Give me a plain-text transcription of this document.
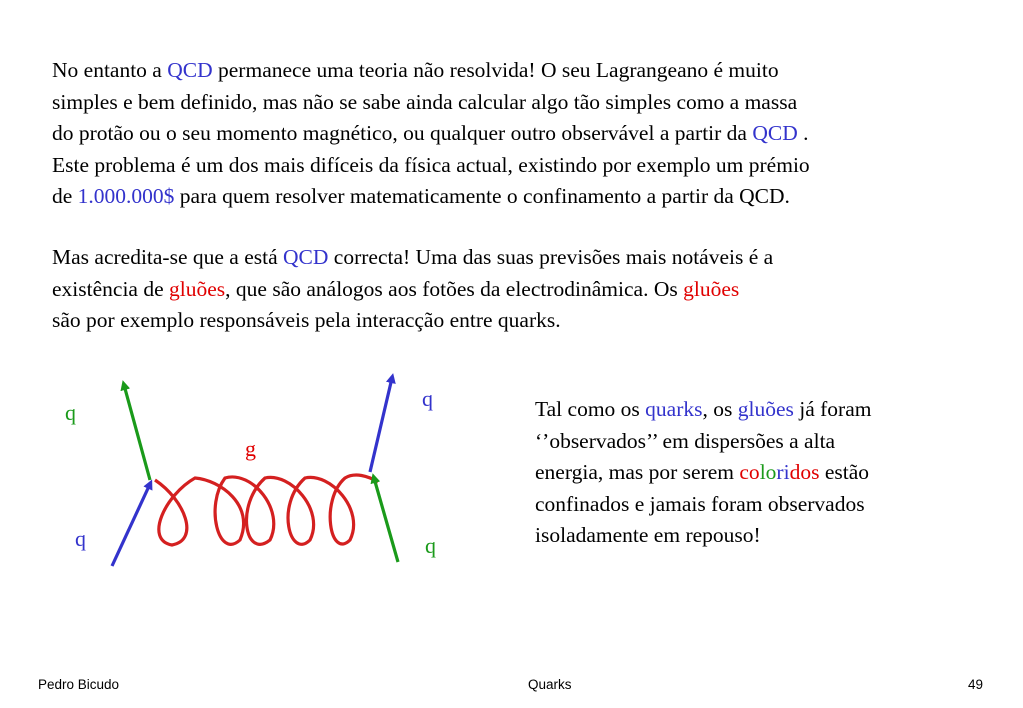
No entanto a QCD permanece uma teoria não resolvida! O seu Lagrangeano é muito
simples e bem definido, mas não se sabe ainda calcular algo tão simples como a massa
do protão ou o seu momento magnético, ou qualquer outro observável a partir da QCD .
Este problema é um dos mais difíceis da física actual, existindo por exemplo um prémio
de 1.000.000$ para quem resolver matematicamente o confinamento a partir da QCD.
Mas acredita-se que a está QCD correcta! Uma das suas previsões mais notáveis é a
existência de gluões, que são análogos aos fotões da electrodinâmica. Os gluões
são por exemplo responsáveis pela interacção entre quarks.
Tal como os quarks, os gluões já foram
‘’observados’’ em dispersões a alta
energia, mas por serem coloridos estão
confinados e jamais foram observados
isoladamente em repouso!
q
q
g
q	q
Pedro Bicudo	Quarks	49
